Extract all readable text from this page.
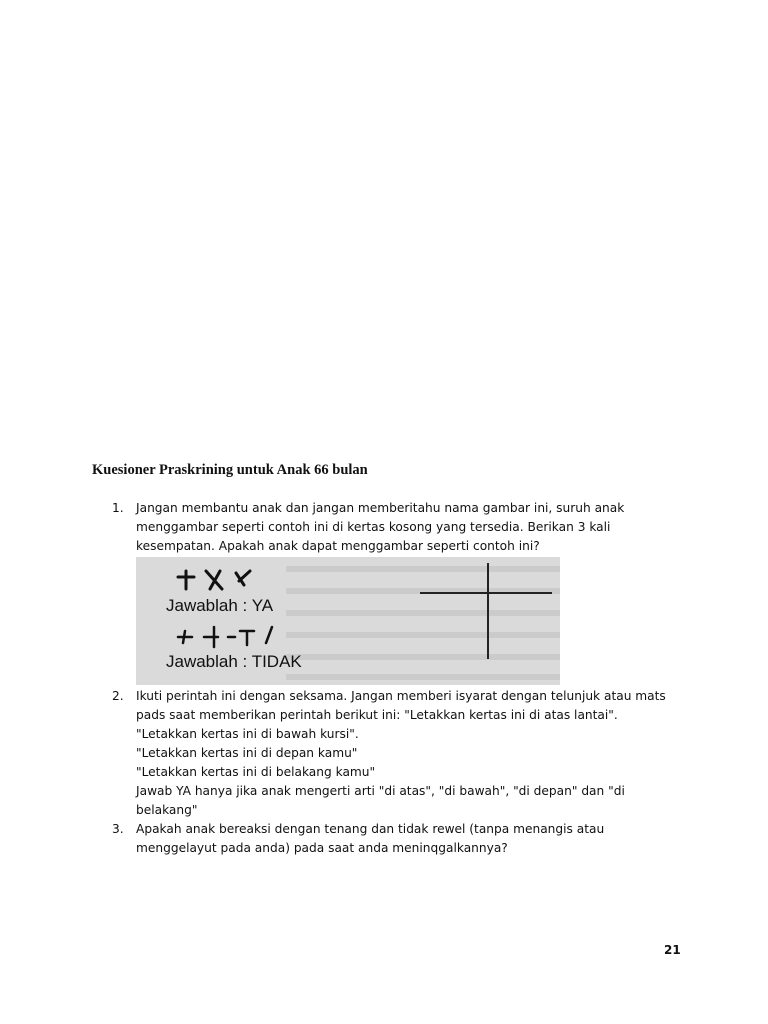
Kuesioner Praskrining untuk Anak 66 bulan
1. Jangan membantu anak dan jangan memberitahu nama gambar ini, suruh anak
menggambar seperti contoh ini di kertas kosong yang tersedia. Berikan 3 kali
kesempatan. Apakah anak dapat menggambar seperti contoh ini?
Jawablah : YA
Jawablah : TIDAK
2. Ikuti perintah ini dengan seksama. Jangan memberi isyarat dengan telunjuk atau mats
pads saat memberikan perintah berikut ini: "Letakkan kertas ini di atas lantai".
"Letakkan kertas ini di bawah kursi".
"Letakkan kertas ini di depan kamu"
"Letakkan kertas ini di belakang kamu"
Jawab YA hanya jika anak mengerti arti "di atas", "di bawah", "di depan" dan "di
belakang"
3. Apakah anak bereaksi dengan tenang dan tidak rewel (tanpa menangis atau
menggelayut pada anda) pada saat anda meninqgalkannya?
21
